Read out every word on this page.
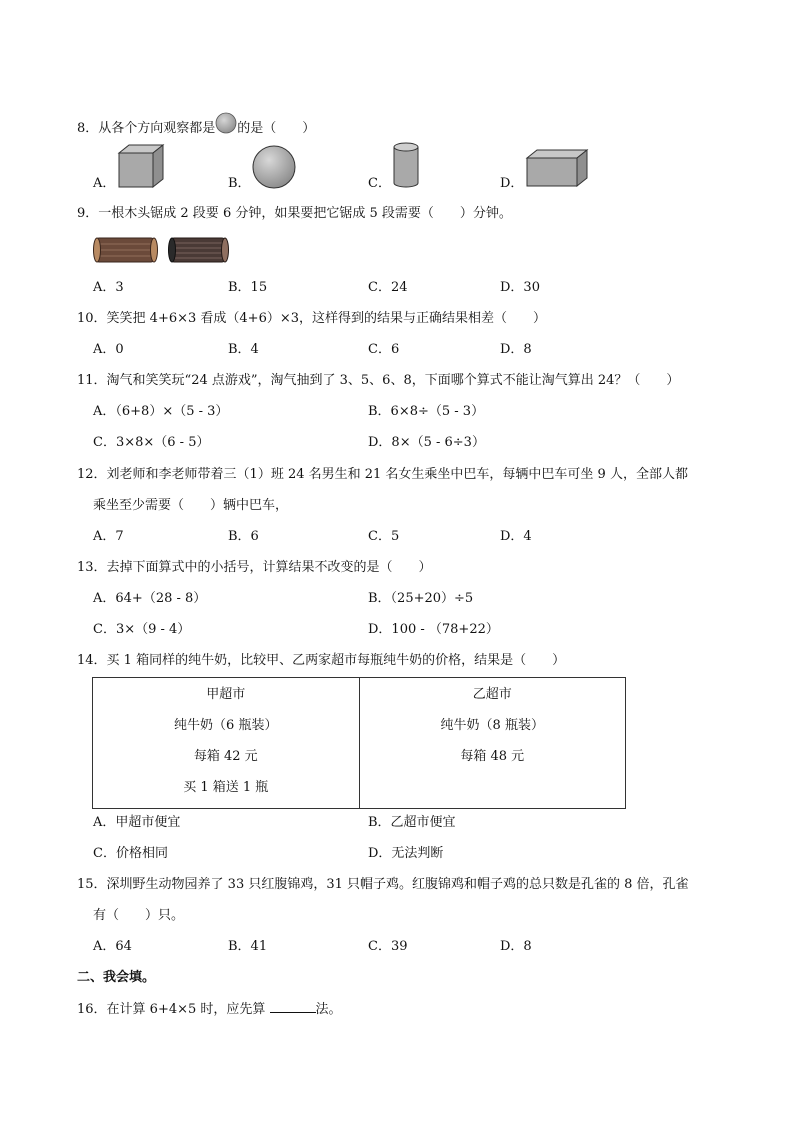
8．从各个方向观察都是 的是（　　）
A．	B．	C．	D．
9．一根木头锯成 2 段要 6 分钟，如果要把它锯成 5 段需要（　　）分钟。
A．3	B．15	C．24	D．30
10．笑笑把 4+6×3 看成（4+6）×3，这样得到的结果与正确结果相差（　　）
A．0	B．4	C．6	D．8
11．淘气和笑笑玩“24 点游戏”，淘气抽到了 3、5、6、8，下面哪个算式不能让淘气算出 24？（　　）
A．（6+8）×（5 - 3）	B．6×8÷（5 - 3）
C．3×8×（6 - 5）	D．8×（5 - 6÷3）
12．刘老师和李老师带着三（1）班 24 名男生和 21 名女生乘坐中巴车，每辆中巴车可坐 9 人，全部人都
乘坐至少需要（　　）辆中巴车，
A．7	B．6	C．5	D．4
13．去掉下面算式中的小括号，计算结果不改变的是（　　）
A．64+（28 - 8）	B．（25+20）÷5
C．3×（9 - 4）	D．100 - （78+22）
14．买 1 箱同样的纯牛奶，比较甲、乙两家超市每瓶纯牛奶的价格，结果是（　　）
甲超市
纯牛奶（6 瓶装）
每箱 42 元
买 1 箱送 1 瓶

乙超市
纯牛奶（8 瓶装）
每箱 48 元
A．甲超市便宜	B．乙超市便宜
C．价格相同	D．无法判断
15．深圳野生动物园养了 33 只红腹锦鸡，31 只帽子鸡。红腹锦鸡和帽子鸡的总只数是孔雀的 8 倍，孔雀
有（　　）只。
A．64	B．41	C．39	D．8
二、我会填。
16．在计算 6+4×5 时，应先算	法。
